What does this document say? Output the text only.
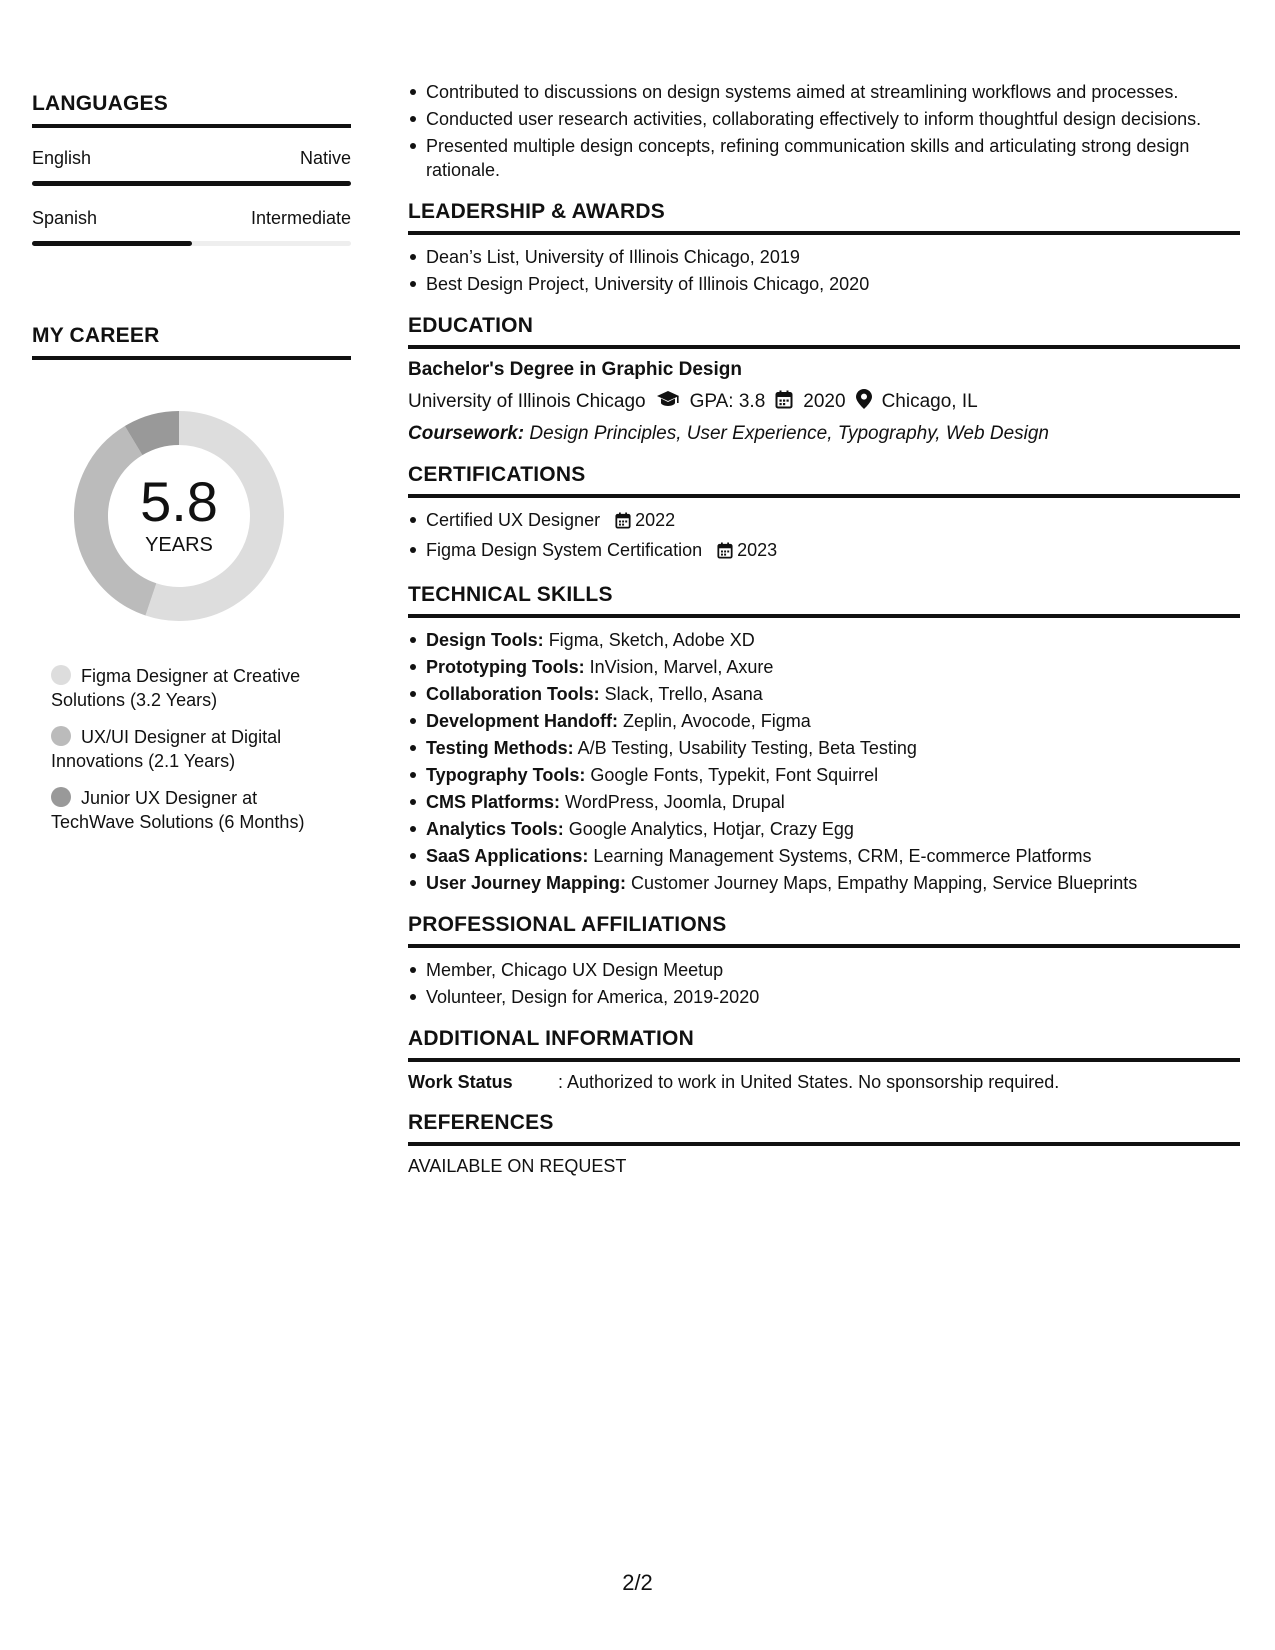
LANGUAGES
English	Native
Spanish	Intermediate
MY CAREER
5.8
YEARS
Figma Designer at Creative Solutions (3.2 Years)
UX/UI Designer at Digital Innovations (2.1 Years)
Junior UX Designer at TechWave Solutions (6 Months)
Contributed to discussions on design systems aimed at streamlining workflows and processes.
Conducted user research activities, collaborating effectively to inform thoughtful design decisions.
Presented multiple design concepts, refining communication skills and articulating strong design rationale.
LEADERSHIP & AWARDS
Dean’s List, University of Illinois Chicago, 2019
Best Design Project, University of Illinois Chicago, 2020
EDUCATION
Bachelor's Degree in Graphic Design
University of Illinois Chicago GPA: 3.8 2020 Chicago, IL
Coursework: Design Principles, User Experience, Typography, Web Design
CERTIFICATIONS
Certified UX Designer 2022
Figma Design System Certification 2023
TECHNICAL SKILLS
Design Tools: Figma, Sketch, Adobe XD
Prototyping Tools: InVision, Marvel, Axure
Collaboration Tools: Slack, Trello, Asana
Development Handoff: Zeplin, Avocode, Figma
Testing Methods: A/B Testing, Usability Testing, Beta Testing
Typography Tools: Google Fonts, Typekit, Font Squirrel
CMS Platforms: WordPress, Joomla, Drupal
Analytics Tools: Google Analytics, Hotjar, Crazy Egg
SaaS Applications: Learning Management Systems, CRM, E-commerce Platforms
User Journey Mapping: Customer Journey Maps, Empathy Mapping, Service Blueprints
PROFESSIONAL AFFILIATIONS
Member, Chicago UX Design Meetup
Volunteer, Design for America, 2019-2020
ADDITIONAL INFORMATION
Work Status	: Authorized to work in United States. No sponsorship required.
REFERENCES
AVAILABLE ON REQUEST
2/2
